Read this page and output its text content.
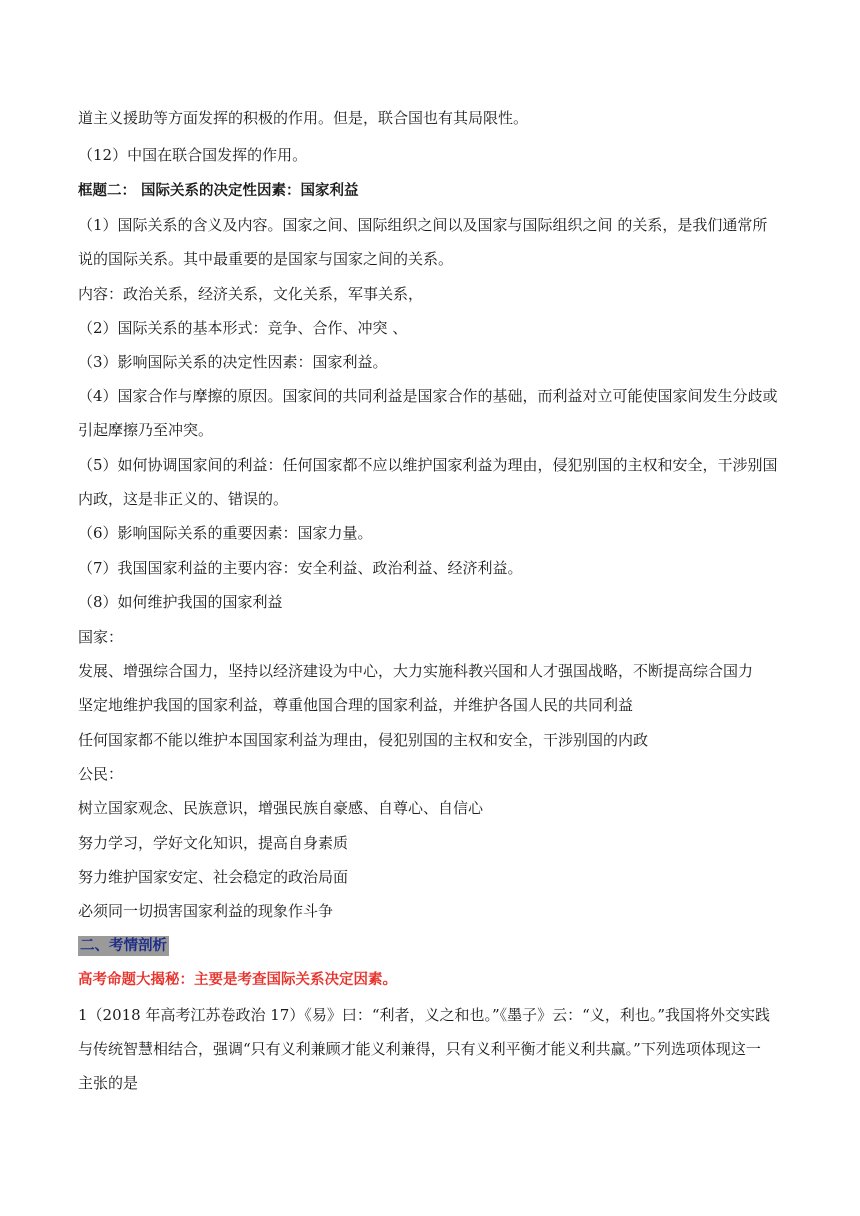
道主义援助等方面发挥的积极的作用。但是，联合国也有其局限性。
（12）中国在联合国发挥的作用。
框题二： 国际关系的决定性因素：国家利益
（1）国际关系的含义及内容。国家之间、国际组织之间以及国家与国际组织之间 的关系，是我们通常所
说的国际关系。其中最重要的是国家与国家之间的关系。
内容：政治关系，经济关系，文化关系，军事关系，
（2）国际关系的基本形式：竞争、合作、冲突 、
（3）影响国际关系的决定性因素：国家利益。
（4）国家合作与摩擦的原因。国家间的共同利益是国家合作的基础，而利益对立可能使国家间发生分歧或
引起摩擦乃至冲突。
（5）如何协调国家间的利益：任何国家都不应以维护国家利益为理由，侵犯别国的主权和安全，干涉别国
内政，这是非正义的、错误的。
（6）影响国际关系的重要因素：国家力量。
（7）我国国家利益的主要内容：安全利益、政治利益、经济利益。
（8）如何维护我国的国家利益
国家：
发展、增强综合国力，坚持以经济建设为中心，大力实施科教兴国和人才强国战略，不断提高综合国力
坚定地维护我国的国家利益，尊重他国合理的国家利益，并维护各国人民的共同利益
任何国家都不能以维护本国国家利益为理由，侵犯别国的主权和安全，干涉别国的内政
公民：
树立国家观念、民族意识，增强民族自豪感、自尊心、自信心
努力学习，学好文化知识，提高自身素质
努力维护国家安定、社会稳定的政治局面
必须同一切损害国家利益的现象作斗争
二、考情剖析
高考命题大揭秘：主要是考查国际关系决定因素。
1（2018 年高考江苏卷政治 17）《易》曰：“利者，义之和也。”《墨子》云：“义，利也。”我国将外交实践
与传统智慧相结合，强调“只有义利兼顾才能义利兼得，只有义利平衡才能义利共赢。”下列选项体现这一
主张的是
